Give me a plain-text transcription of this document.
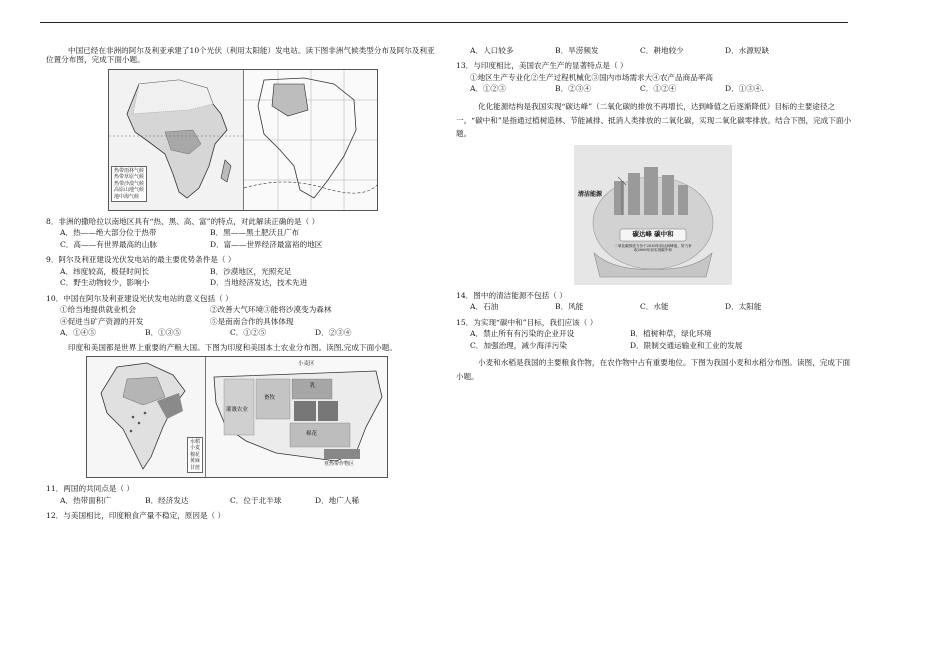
中国已经在非洲的阿尔及利亚承建了10个光伏（利用太阳能）发电站。读下图非洲气候类型分布及阿尔及利亚位置分布图，完成下面小题。

热带雨林气候
热带草原气候
热带沙漠气候
高原山地气候
地中海气候

8．非洲的撒哈拉以南地区具有“热、黑、高、富”的特点，对此解读正确的是（ ）

A．热——绝大部分位于热带	B．黑——黑土肥沃且广布
C．高——有世界最高的山脉	D．富——世界经济最富裕的地区

9．阿尔及利亚建设光伏发电站的最主要优势条件是（ ）

A．纬度较高，极昼时间长	B．沙漠地区，光照充足
C．野生动物较少，影响小	D．当地经济发达，技术先进

10．中国在阿尔及利亚建设光伏发电站的意义包括（ ）

①给当地提供就业机会	②改善大气环境③能将沙漠变为森林
④促进当矿产资源的开发	⑤是南南合作的具体体现
A．①④⑤	B．①③⑤	C．①②⑤	D．②③④

印度和美国都是世界上重要的产粮大国。下图为印度和美国本土农业分布图。读图,完成下面小题。

水稻
小麦
棉花
黄麻
甘蔗
小麦区
乳
畜牧
灌溉农业
棉花
亚热带作物区

11．两国的共同点是（ ）

A．热带面积广	B．经济发达	C．位于北半球	D．地广人稀

12．与美国相比，印度粮食产量不稳定，原因是（ ）

A．人口较多	B．旱涝频发	C．耕地较少	D．水源短缺

13．与印度相比，美国农产生产的显著特点是（ ）

①地区生产专业化②生产过程机械化③国内市场需求大④农产品商品率高
A．①②③	B．②③④	C．①②④	D．①③④.

化化能源结构是我国实现“碳达峰”（二氧化碳的排放不再增长，达到峰值之后逐渐降低）目标的主要途径之一。“碳中和”是指通过植树造林、节能减排、抵消人类排放的二氧化碳，实现二氧化碳零排放。结合下图，完成下面小题。

清洁能源
碳达峰 碳中和
二氧化碳排放力争于2030年前达到峰值，努力争取2060年前实现碳中和

14．图中的清洁能源不包括（ ）

A．石油	B．风能	C．水能	D．太阳能

15．为实现“碳中和”目标，我们应该（ ）

A．禁止所有有污染的企业开设	B．植树种草，绿化环境
C．加强治理，减少海洋污染	D．限制交通运输业和工业的发展

小麦和水稻是我国的主要粮食作物，在农作物中占有重要地位。下图为我国小麦和水稻分布图。读图，完成下面小题。
